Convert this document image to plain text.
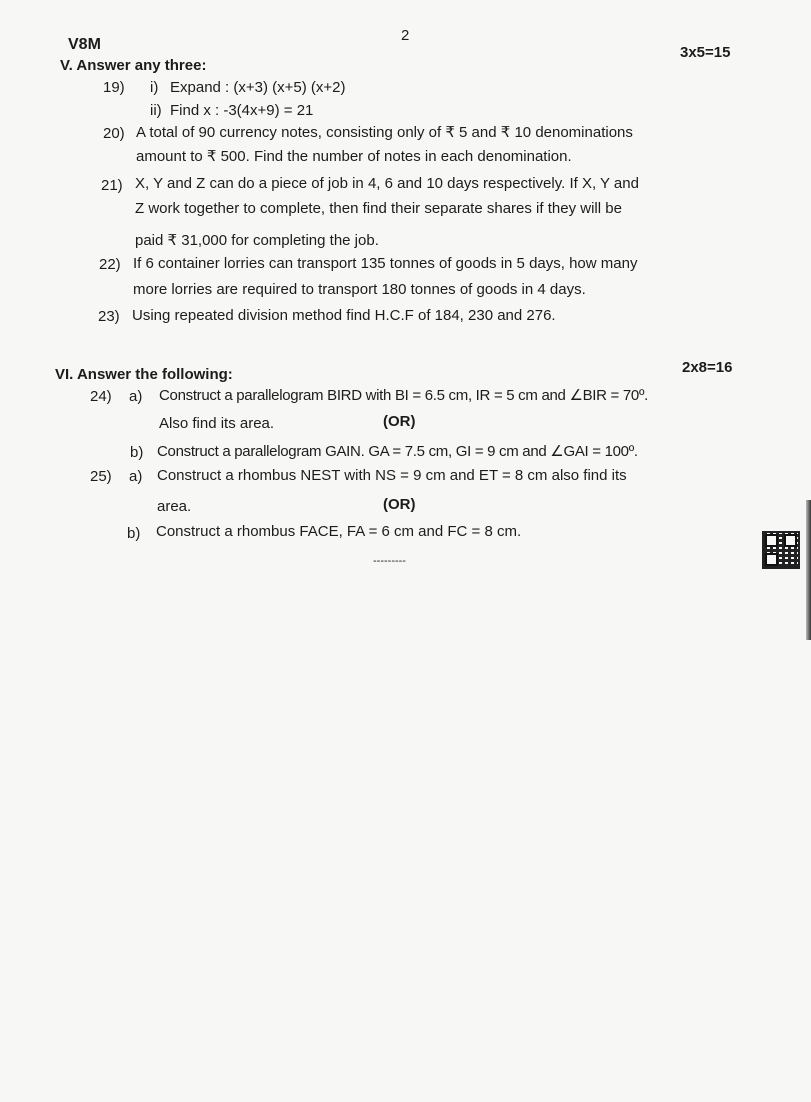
2
V8M	3x5=15
V. Answer any three:
19) i) Expand : (x+3) (x+5) (x+2)
ii) Find x : -3(4x+9) = 21
20) A total of 90 currency notes, consisting only of ₹ 5 and ₹ 10 denominations
amount to ₹ 500. Find the number of notes in each denomination.
21) X, Y and Z can do a piece of job in 4, 6 and 10 days respectively. If X, Y and
Z work together to complete, then find their separate shares if they will be
paid ₹ 31,000 for completing the job.
22) If 6 container lorries can transport 135 tonnes of goods in 5 days, how many
more lorries are required to transport 180 tonnes of goods in 4 days.
23) Using repeated division method find H.C.F of 184, 230 and 276.
VI. Answer the following:	2x8=16
24) a) Construct a parallelogram BIRD with BI = 6.5 cm, IR = 5 cm and ∠BIR = 70º.
Also find its area.	(OR)
b) Construct a parallelogram GAIN. GA = 7.5 cm, GI = 9 cm and ∠GAI = 100º.
25) a) Construct a rhombus NEST with NS = 9 cm and ET = 8 cm also find its
area.	(OR)
b) Construct a rhombus FACE, FA = 6 cm and FC = 8 cm.
---------
